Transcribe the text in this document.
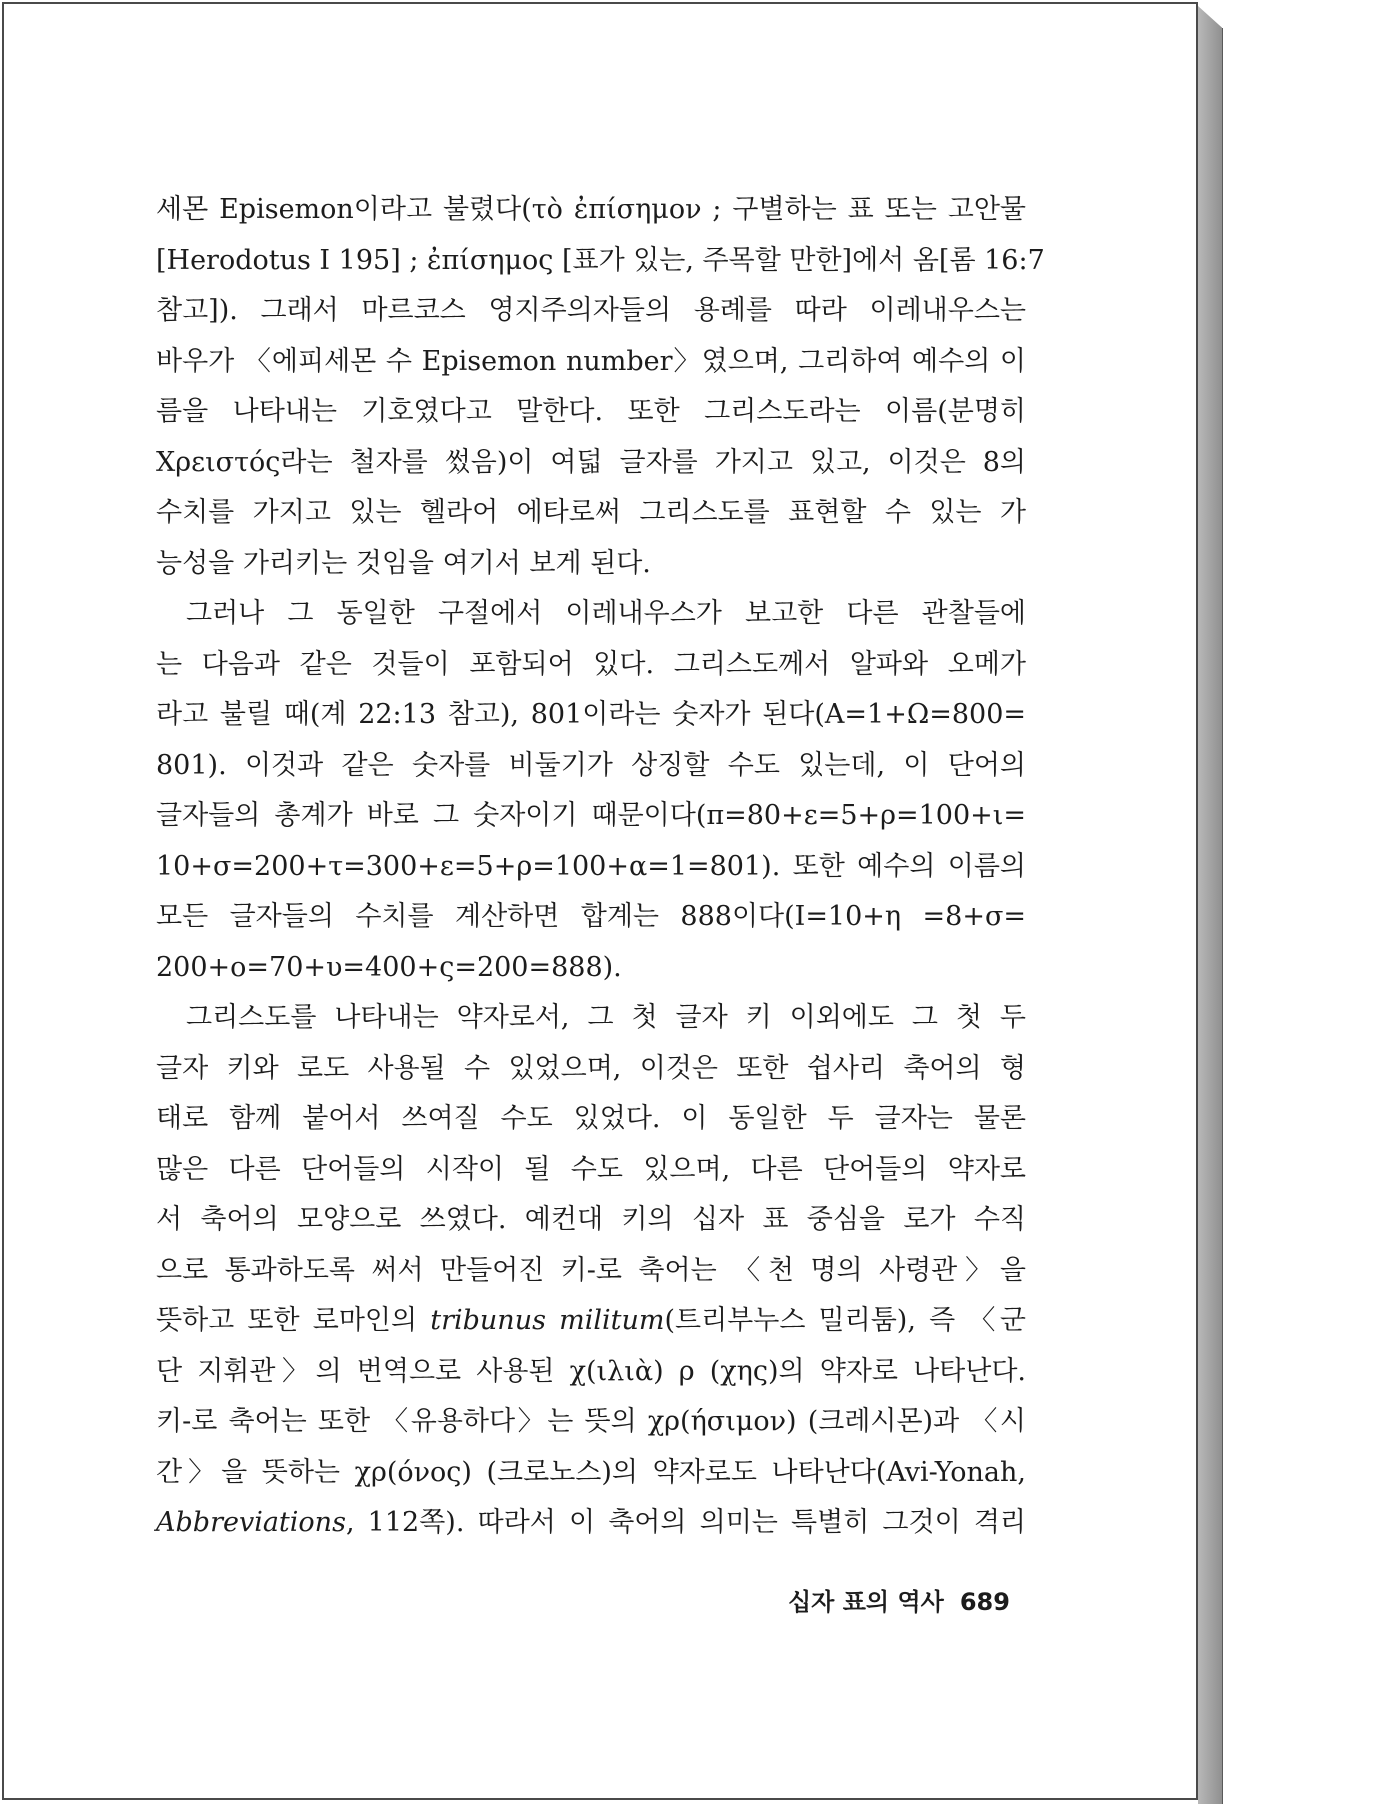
세몬 Episemon이라고 불렸다(τὸ ἐπίσημον ; 구별하는 표 또는 고안물
[Herodotus I 195] ; ἐπίσημος [표가 있는, 주목할 만한]에서 옴[롬 16:7
참고]). 그래서 마르코스 영지주의자들의 용례를 따라 이레내우스는
바우가 〈에피세몬 수 Episemon number〉였으며, 그리하여 예수의 이
름을 나타내는 기호였다고 말한다. 또한 그리스도라는 이름(분명히
Χρειστός라는 철자를 썼음)이 여덟 글자를 가지고 있고, 이것은 8의
수치를 가지고 있는 헬라어 에타로써 그리스도를 표현할 수 있는 가
능성을 가리키는 것임을 여기서 보게 된다.
그러나 그 동일한 구절에서 이레내우스가 보고한 다른 관찰들에
는 다음과 같은 것들이 포함되어 있다. 그리스도께서 알파와 오메가
라고 불릴 때(계 22:13 참고), 801이라는 숫자가 된다(Α=1+Ω=800=
801). 이것과 같은 숫자를 비둘기가 상징할 수도 있는데, 이 단어의
글자들의 총계가 바로 그 숫자이기 때문이다(π=80+ε=5+ρ=100+ι=
10+σ=200+τ=300+ε=5+ρ=100+α=1=801). 또한 예수의 이름의
모든 글자들의 수치를 계산하면 합계는 888이다(Ι=10+η =8+σ=
200+ο=70+υ=400+ς=200=888).
그리스도를 나타내는 약자로서, 그 첫 글자 키 이외에도 그 첫 두
글자 키와 로도 사용될 수 있었으며, 이것은 또한 쉽사리 축어의 형
태로 함께 붙어서 쓰여질 수도 있었다. 이 동일한 두 글자는 물론
많은 다른 단어들의 시작이 될 수도 있으며, 다른 단어들의 약자로
서 축어의 모양으로 쓰였다. 예컨대 키의 십자 표 중심을 로가 수직
으로 통과하도록 써서 만들어진 키-로 축어는 〈천 명의 사령관〉을
뜻하고 또한 로마인의 tribunus militum(트리부누스 밀리툼), 즉 〈군
단 지휘관〉의 번역으로 사용된 χ(ιλιὰ) ρ (χης)의 약자로 나타난다.
키-로 축어는 또한 〈유용하다〉는 뜻의 χρ(ήσιμον) (크레시몬)과 〈시
간〉을 뜻하는 χρ(όνος) (크로노스)의 약자로도 나타난다(Avi-Yonah,
Abbreviations, 112쪽). 따라서 이 축어의 의미는 특별히 그것이 격리
십자 표의 역사 689
